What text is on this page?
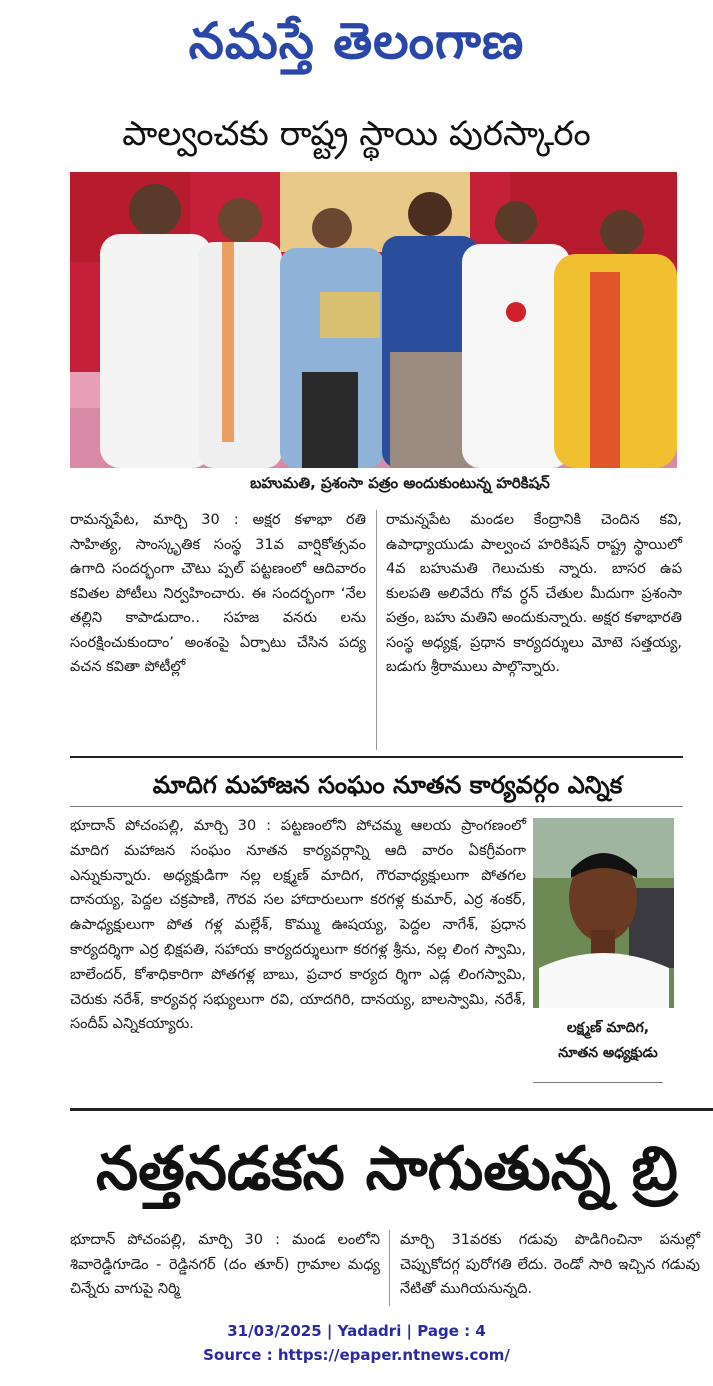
నమస్తే తెలంగాణ
పాల్వంచకు రాష్ట్ర స్థాయి పురస్కారం
బహుమతి, ప్రశంసా పత్రం అందుకుంటున్న హరికిషన్
రామన్నపేట, మార్చి 30 : అక్షర కళాభా రతి సాహిత్య, సాంస్కృతిక సంస్థ 31వ వార్షికోత్సవం ఉగాది సందర్భంగా చౌటు ప్పల్ పట్టణంలో ఆదివారం కవితల పోటీలు నిర్వహించారు. ఈ సందర్భంగా ‘నేల తల్లిని కాపాడుదాం.. సహజ వనరు లను సంరక్షించుకుందాం’ అంశంపై ఏర్పాటు చేసిన పద్య వచన కవితా పోటీల్లో
రామన్నపేట మండల కేంద్రానికి చెందిన కవి, ఉపాధ్యాయుడు పాల్వంచ హరికిషన్ రాష్ట్ర స్థాయిలో 4వ బహుమతి గెలుచుకు న్నారు. బాసర ఉప కులపతి అలివేరు గోవ ర్ధన్ చేతుల మీదుగా ప్రశంసా పత్రం, బహు మతిని అందుకున్నారు. అక్షర కళాభారతి సంస్థ అధ్యక్ష, ప్రధాన కార్యదర్శులు మోటె సత్తయ్య, బడుగు శ్రీరాములు పాల్గొన్నారు.
మాదిగ మహాజన సంఘం నూతన కార్యవర్గం ఎన్నిక
భూదాన్ పోచంపల్లి, మార్చి 30 : పట్టణంలోని పోచమ్మ ఆలయ ప్రాంగణంలో మాదిగ మహాజన సంఘం నూతన కార్యవర్గాన్ని ఆది వారం ఏకగ్రీవంగా ఎన్నుకున్నారు. అధ్యక్షుడిగా నల్ల లక్ష్మణ్ మాదిగ, గౌరవాధ్యక్షులుగా పోతగల దానయ్య, పెద్దల చక్రపాణి, గౌరవ సల హాదారులుగా కరగళ్ల కుమార్, ఎర్ర శంకర్, ఉపాధ్యక్షులుగా పోత గళ్ల మల్లేశ్, కొమ్ము ఊషయ్య, పెద్దల నాగేశ్, ప్రధాన కార్యదర్శిగా ఎర్ర భిక్షపతి, సహాయ కార్యదర్శులుగా కరగళ్ల శ్రీను, నల్ల లింగ స్వామి, బాలేందర్, కోశాధికారిగా పోతగళ్ల బాబు, ప్రచార కార్యద ర్శిగా ఎడ్ల లింగస్వామి, చెరుకు నరేశ్, కార్యవర్గ సభ్యులుగా రవి, యాదగిరి, దానయ్య, బాలస్వామి, నరేశ్, సందీప్ ఎన్నికయ్యారు.	లక్ష్మణ్ మాదిగ,
నూతన అధ్యక్షుడు
నత్తనడకన సాగుతున్న బ్రి
భూదాన్ పోచంపల్లి, మార్చి 30 : మండ లంలోని శివారెడ్డిగూడెం - రెడ్డినగర్ (దం తూర్) గ్రామాల మధ్య చిన్నేరు వాగుపై నిర్మి
మార్చి 31వరకు గడువు పొడిగించినా పనుల్లో చెప్పుకోదగ్గ పురోగతి లేదు. రెండో సారి ఇచ్చిన గడువు నేటితో ముగియనున్నది.
31/03/2025 | Yadadri | Page : 4
Source : https://epaper.ntnews.com/
